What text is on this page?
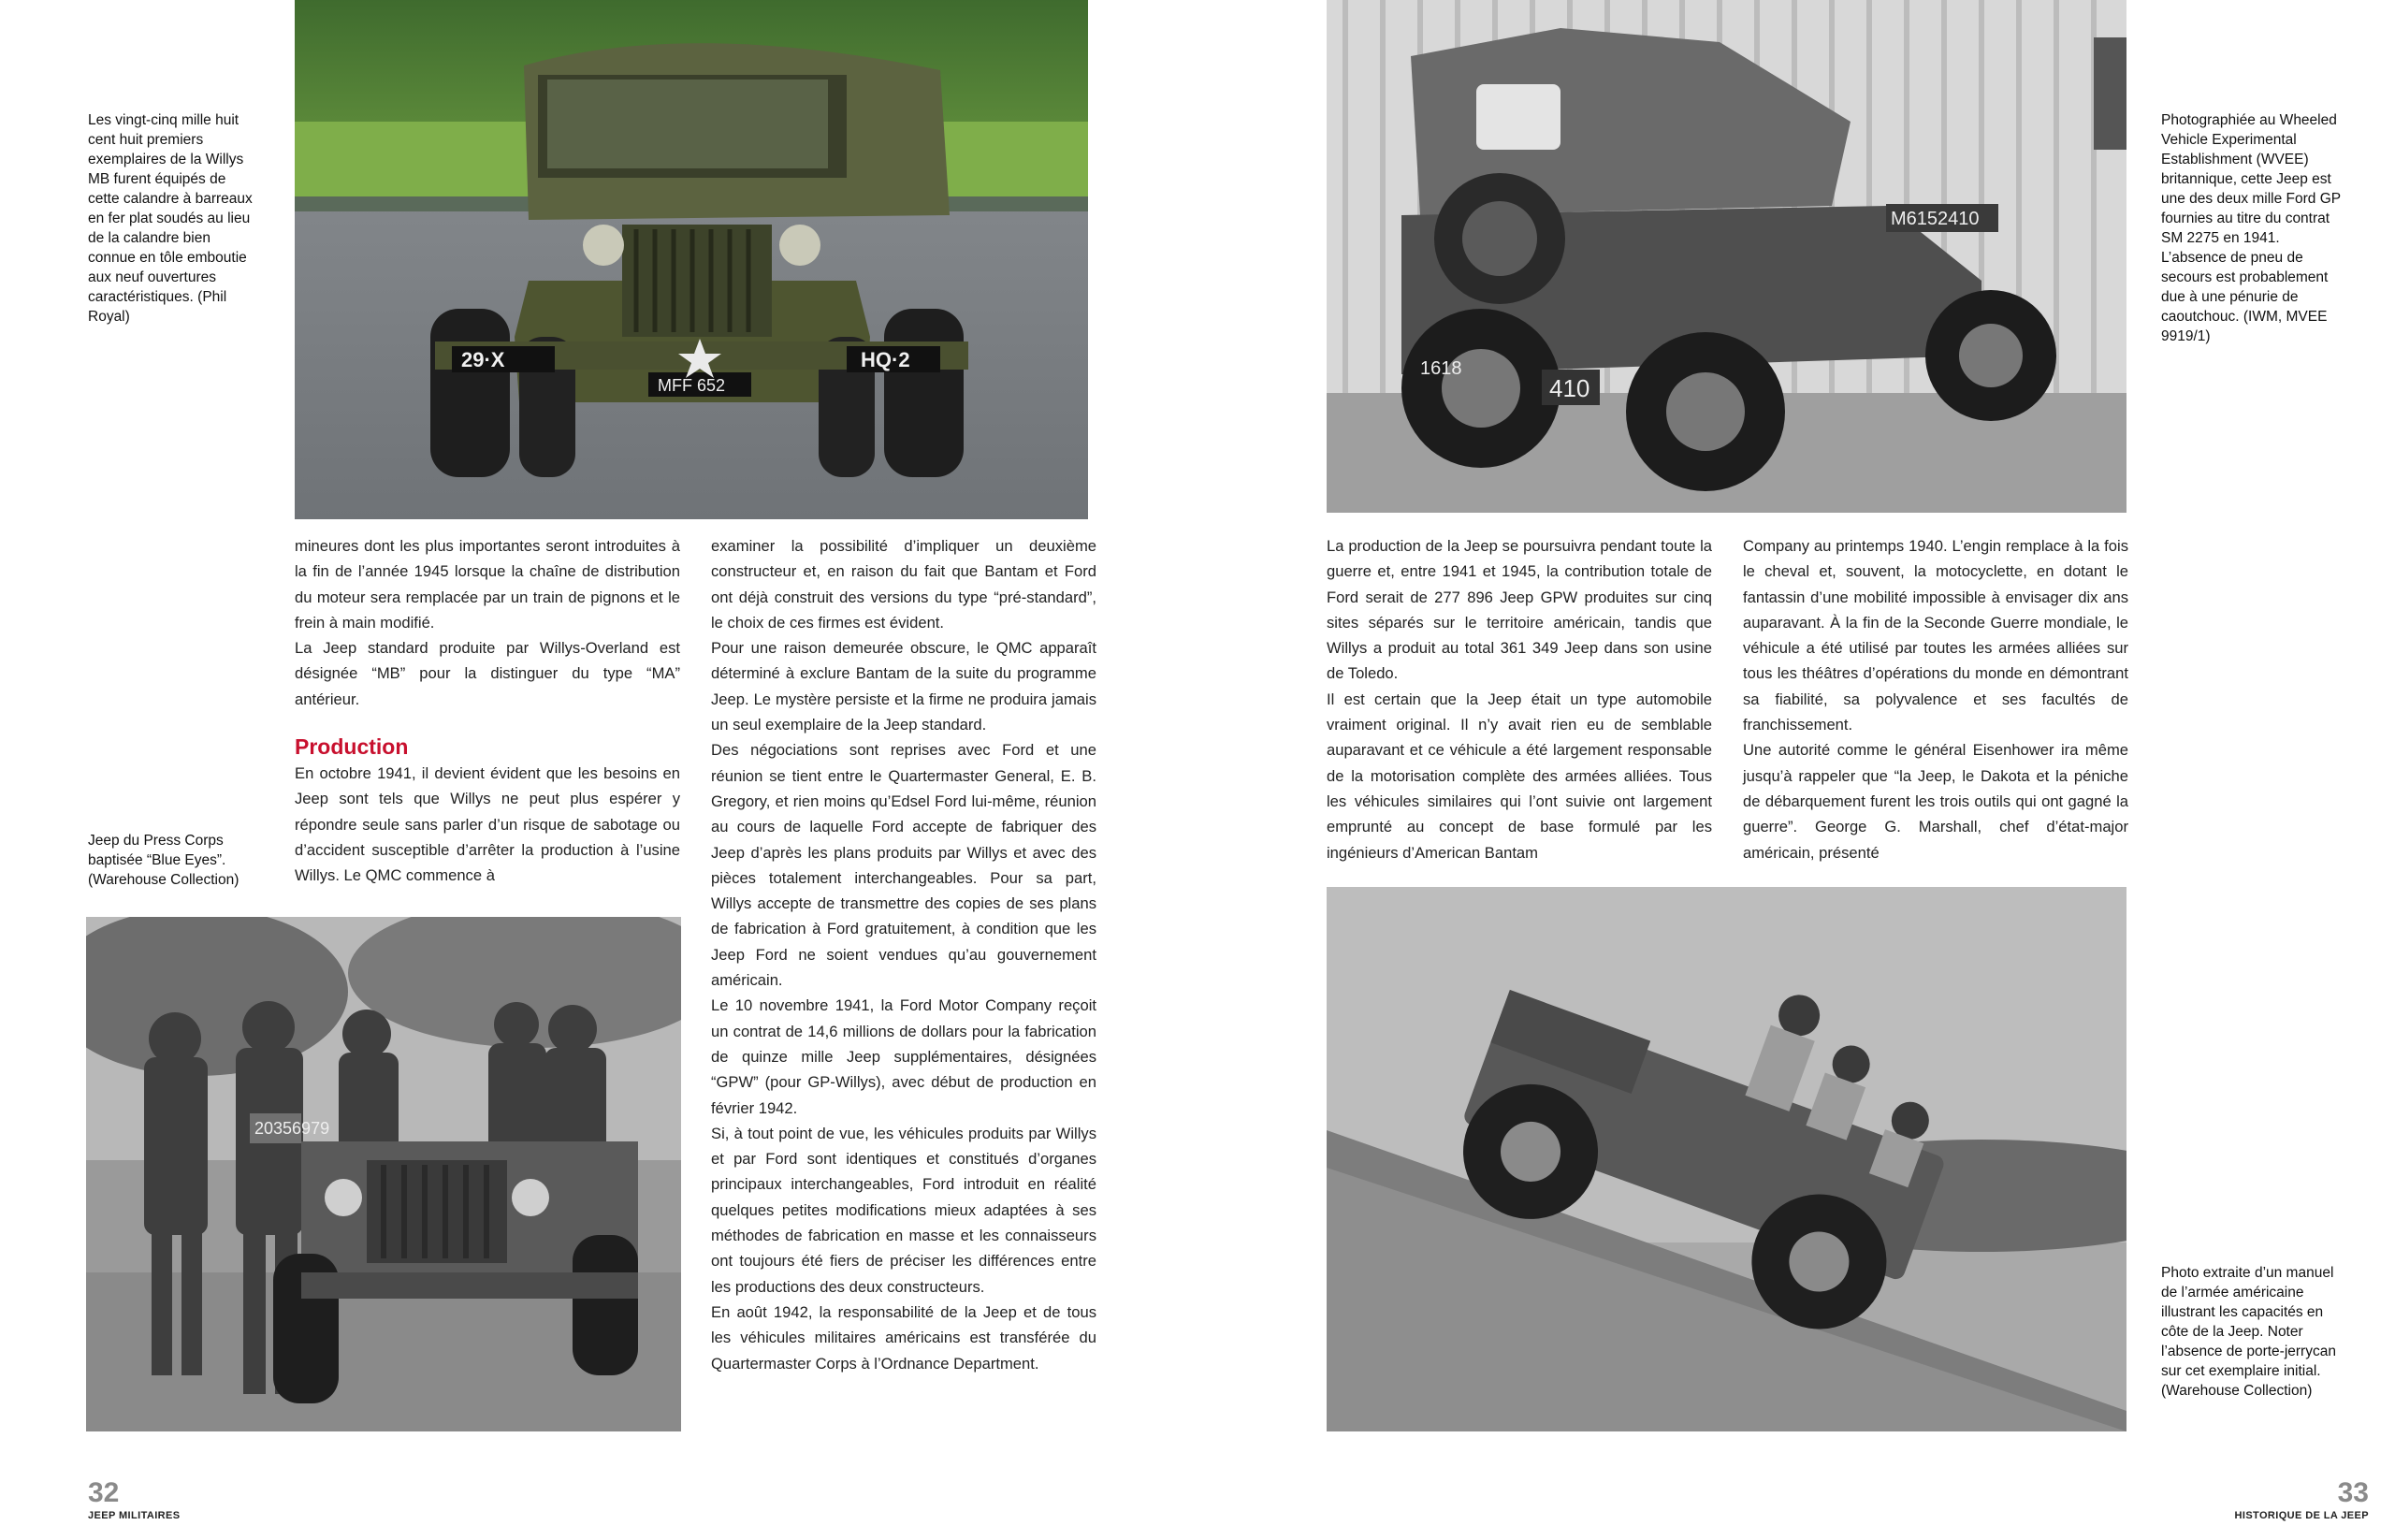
Les vingt-cinq mille huit cent huit premiers exemplaires de la Willys MB furent équipés de cette calandre à barreaux en fer plat soudés au lieu de la calandre bien connue en tôle emboutie aux neuf ouvertures caractéristiques. (Phil Royal)

29·X	HQ·2
MFF 652

mineures dont les plus importantes seront introduites à la fin de l’année 1945 lorsque la chaîne de distribution du moteur sera remplacée par un train de pignons et le frein à main modifié.

La Jeep standard produite par Willys-Overland est désignée “MB” pour la distinguer du type “MA” antérieur.

Production

En octobre 1941, il devient évident que les besoins en Jeep sont tels que Willys ne peut plus espérer y répondre seule sans parler d’un risque de sabotage ou d’accident susceptible d’arrêter la production à l’usine Willys. Le QMC commence à

examiner la possibilité d’impliquer un deuxième constructeur et, en raison du fait que Bantam et Ford ont déjà construit des versions du type “pré-standard”, le choix de ces firmes est évident.

Pour une raison demeurée obscure, le QMC apparaît déterminé à exclure Bantam de la suite du programme Jeep. Le mystère persiste et la firme ne produira jamais un seul exemplaire de la Jeep standard.

Des négociations sont reprises avec Ford et une réunion se tient entre le Quartermaster General, E. B. Gregory, et rien moins qu’Edsel Ford lui-même, réunion au cours de laquelle Ford accepte de fabriquer des Jeep d’après les plans produits par Willys et avec des pièces totalement interchangeables. Pour sa part, Willys accepte de transmettre des copies de ses plans de fabrication à Ford gratuitement, à condition que les Jeep Ford ne soient vendues qu’au gouvernement américain.

Le 10 novembre 1941, la Ford Motor Company reçoit un contrat de 14,6 millions de dollars pour la fabrication de quinze mille Jeep supplémentaires, désignées “GPW” (pour GP-Willys), avec début de production en février 1942.

Si, à tout point de vue, les véhicules produits par Willys et par Ford sont identiques et constitués d’organes principaux interchangeables, Ford introduit en réalité quelques petites modifications mieux adaptées à ses méthodes de fabrication en masse et les connaisseurs ont toujours été fiers de préciser les différences entre les productions des deux constructeurs.

En août 1942, la responsabilité de la Jeep et de tous les véhicules militaires américains est transférée du Quartermaster Corps à l’Ordnance Department.

Jeep du Press Corps baptisée “Blue Eyes”. (Warehouse Collection)

20356979
32
JEEP MILITAIRES
M6152410
410
1618

Photographiée au Wheeled Vehicle Experimental Establishment (WVEE) britannique, cette Jeep est une des deux mille Ford GP fournies au titre du contrat SM 2275 en 1941. L’absence de pneu de secours est probablement due à une pénurie de caoutchouc. (IWM, MVEE 9919/1)

La production de la Jeep se poursuivra pendant toute la guerre et, entre 1941 et 1945, la contribution totale de Ford serait de 277 896 Jeep GPW produites sur cinq sites séparés sur le territoire américain, tandis que Willys a produit au total 361 349 Jeep dans son usine de Toledo.

Il est certain que la Jeep était un type automobile vraiment original. Il n’y avait rien eu de semblable auparavant et ce véhicule a été largement responsable de la motorisation complète des armées alliées. Tous les véhicules similaires qui l’ont suivie ont largement emprunté au concept de base formulé par les ingénieurs d’American Bantam

Company au printemps 1940. L’engin remplace à la fois le cheval et, souvent, la motocyclette, en dotant le fantassin d’une mobilité impossible à envisager dix ans auparavant. À la fin de la Seconde Guerre mondiale, le véhicule a été utilisé par toutes les armées alliées sur tous les théâtres d’opérations du monde en démontrant sa fiabilité, sa polyvalence et ses facultés de franchissement.

Une autorité comme le général Eisenhower ira même jusqu’à rappeler que “la Jeep, le Dakota et la péniche de débarquement furent les trois outils qui ont gagné la guerre”. George G. Marshall, chef d’état-major américain, présenté

Photo extraite d’un manuel de l’armée américaine illustrant les capacités en côte de la Jeep. Noter l’absence de porte-jerrycan sur cet exemplaire initial. (Warehouse Collection)

33
HISTORIQUE DE LA JEEP
